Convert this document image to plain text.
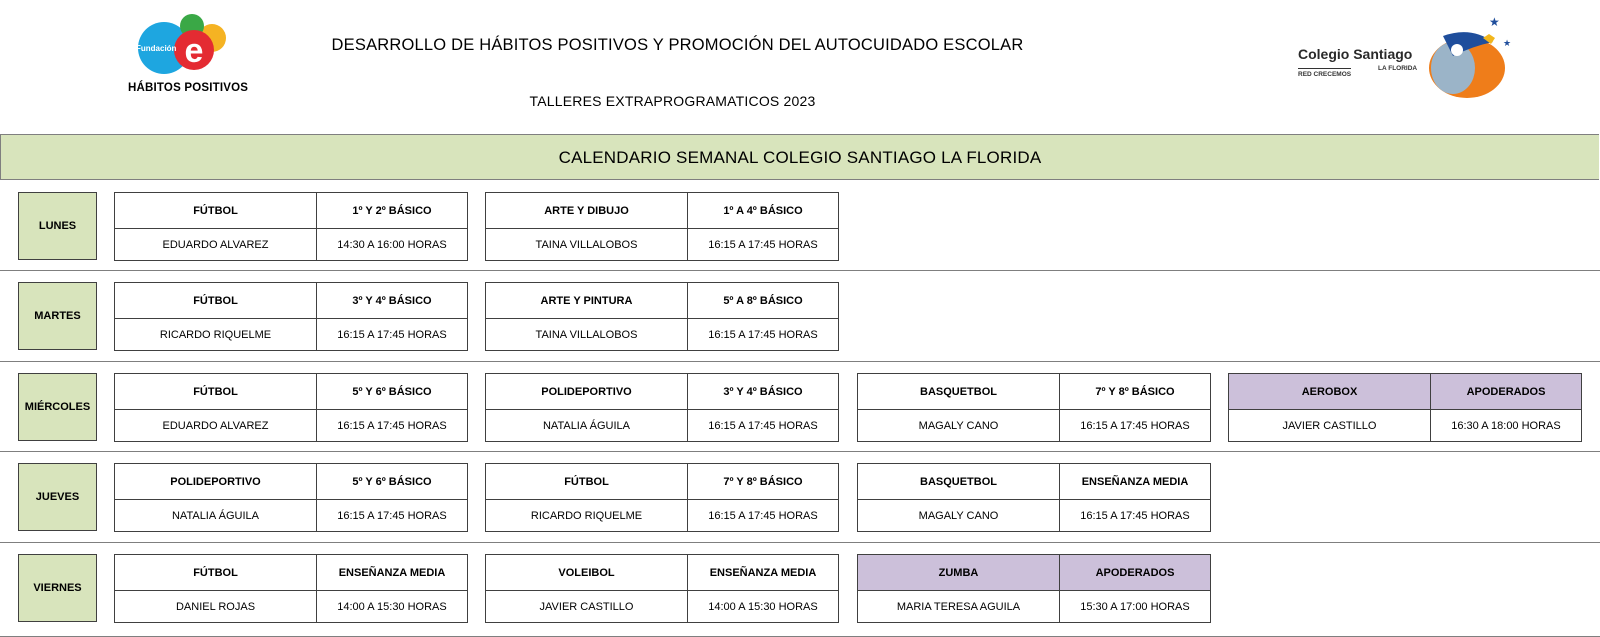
e
Fundación
HÁBITOS POSITIVOS
DESARROLLO DE HÁBITOS POSITIVOS Y PROMOCIÓN DEL AUTOCUIDADO ESCOLAR
TALLERES EXTRAPROGRAMATICOS 2023
Colegio Santiago
RED CRECEMOS
LA FLORIDA
★
★
CALENDARIO SEMANAL COLEGIO SANTIAGO LA FLORIDA
LUNES
FÚTBOL	1º Y 2º BÁSICO
EDUARDO ALVAREZ	14:30 A 16:00 HORAS
ARTE Y DIBUJO	1º A 4º BÁSICO
TAINA VILLALOBOS	16:15 A 17:45 HORAS
MARTES
FÚTBOL	3º Y 4º BÁSICO
RICARDO RIQUELME	16:15 A 17:45 HORAS
ARTE Y PINTURA	5º A 8º BÁSICO
TAINA VILLALOBOS	16:15 A 17:45 HORAS
MIÉRCOLES
FÚTBOL	5º Y 6º BÁSICO
EDUARDO ALVAREZ	16:15 A 17:45 HORAS
POLIDEPORTIVO	3º Y 4º BÁSICO
NATALIA ÁGUILA	16:15 A 17:45 HORAS
BASQUETBOL	7º Y 8º BÁSICO
MAGALY CANO	16:15 A 17:45 HORAS
AEROBOX	APODERADOS
JAVIER CASTILLO	16:30 A 18:00 HORAS
JUEVES
POLIDEPORTIVO	5º Y 6º BÁSICO
NATALIA ÁGUILA	16:15 A 17:45 HORAS
FÚTBOL	7º Y 8º BÁSICO
RICARDO RIQUELME	16:15 A 17:45 HORAS
BASQUETBOL	ENSEÑANZA MEDIA
MAGALY CANO	16:15 A 17:45 HORAS
VIERNES
FÚTBOL	ENSEÑANZA MEDIA
DANIEL ROJAS	14:00 A 15:30 HORAS
VOLEIBOL	ENSEÑANZA MEDIA
JAVIER CASTILLO	14:00 A 15:30 HORAS
ZUMBA	APODERADOS
MARIA TERESA AGUILA	15:30 A 17:00 HORAS
